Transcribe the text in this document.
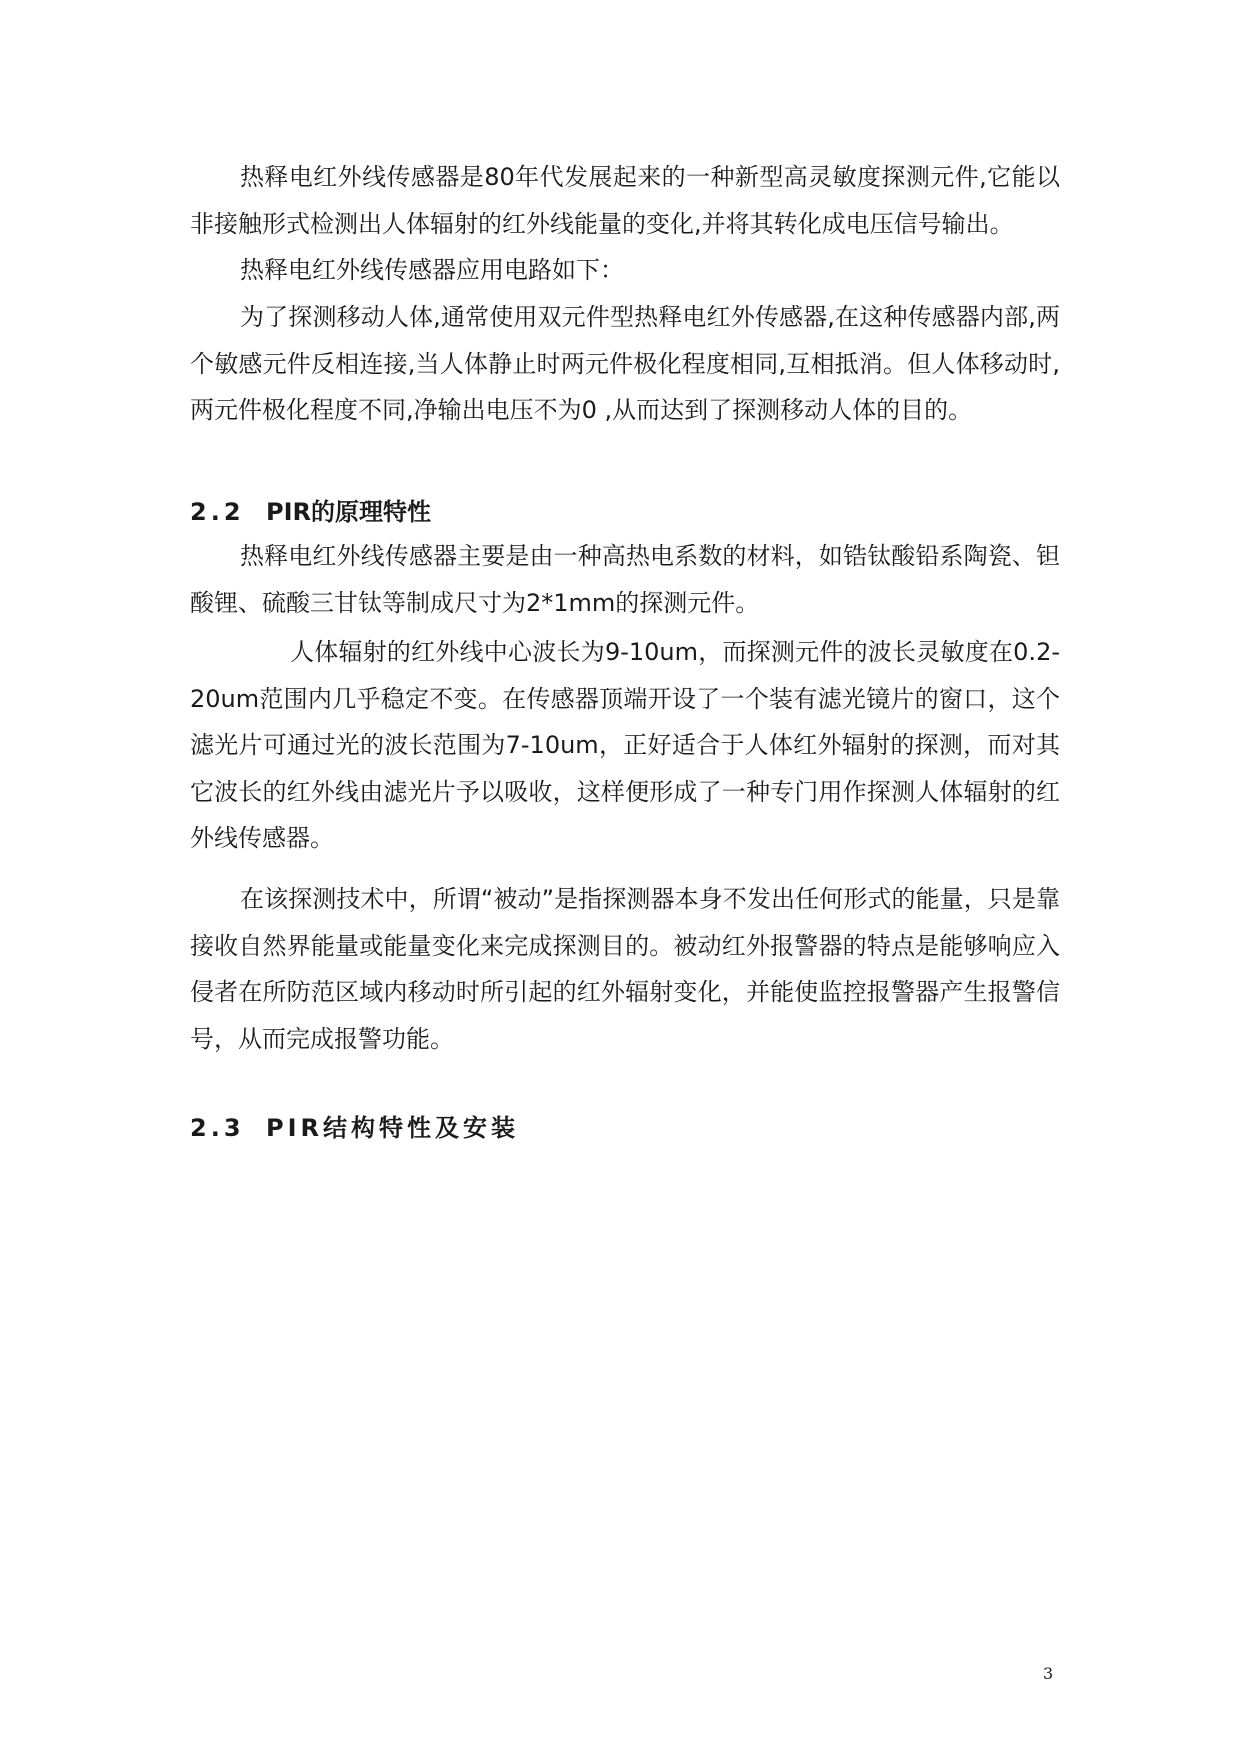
热释电红外线传感器是80年代发展起来的一种新型高灵敏度探测元件,它能以非接触形式检测出人体辐射的红外线能量的变化,并将其转化成电压信号输出。

热释电红外线传感器应用电路如下：

为了探测移动人体,通常使用双元件型热释电红外传感器,在这种传感器内部,两个敏感元件反相连接,当人体静止时两元件极化程度相同,互相抵消。但人体移动时,两元件极化程度不同,净输出电压不为0 ,从而达到了探测移动人体的目的。

2.2 PIR的原理特性

热释电红外线传感器主要是由一种高热电系数的材料，如锆钛酸铅系陶瓷、钽酸锂、硫酸三甘钛等制成尺寸为2*1mm的探测元件。

人体辐射的红外线中心波长为9-10um，而探测元件的波长灵敏度在0.2-20um范围内几乎稳定不变。在传感器顶端开设了一个装有滤光镜片的窗口，这个滤光片可通过光的波长范围为7-10um，正好适合于人体红外辐射的探测，而对其它波长的红外线由滤光片予以吸收，这样便形成了一种专门用作探测人体辐射的红外线传感器。

在该探测技术中，所谓“被动”是指探测器本身不发出任何形式的能量，只是靠接收自然界能量或能量变化来完成探测目的。被动红外报警器的特点是能够响应入侵者在所防范区域内移动时所引起的红外辐射变化，并能使监控报警器产生报警信号，从而完成报警功能。

2.3 PIR结构特性及安装

3
